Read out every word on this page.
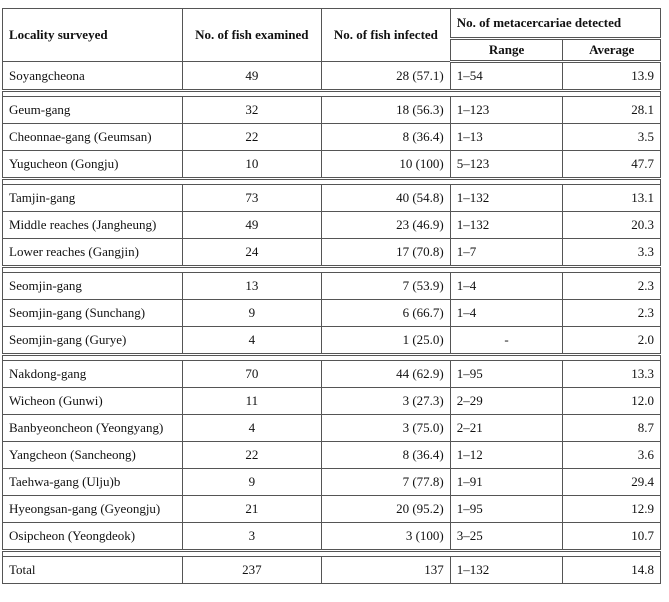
Locality surveyed	No. of fish examined	No. of fish infected	No. of metacercariae detected	
			Range	Average
Soyangcheona	49	28 (57.1)	1–54	13.9

Geum-gang	32	18 (56.3)	1–123	28.1
Cheonnae-gang (Geumsan)	22	8 (36.4)	1–13	3.5
Yugucheon (Gongju)	10	10 (100)	5–123	47.7

Tamjin-gang	73	40 (54.8)	1–132	13.1
Middle reaches (Jangheung)	49	23 (46.9)	1–132	20.3
Lower reaches (Gangjin)	24	17 (70.8)	1–7	3.3

Seomjin-gang	13	7 (53.9)	1–4	2.3
Seomjin-gang (Sunchang)	9	6 (66.7)	1–4	2.3
Seomjin-gang (Gurye)	4	1 (25.0)	-	2.0

Nakdong-gang	70	44 (62.9)	1–95	13.3
Wicheon (Gunwi)	11	3 (27.3)	2–29	12.0
Banbyeoncheon (Yeongyang)	4	3 (75.0)	2–21	8.7
Yangcheon (Sancheong)	22	8 (36.4)	1–12	3.6
Taehwa-gang (Ulju)b	9	7 (77.8)	1–91	29.4
Hyeongsan-gang (Gyeongju)	21	20 (95.2)	1–95	12.9
Osipcheon (Yeongdeok)	3	3 (100)	3–25	10.7

Total	237	137	1–132	14.8
